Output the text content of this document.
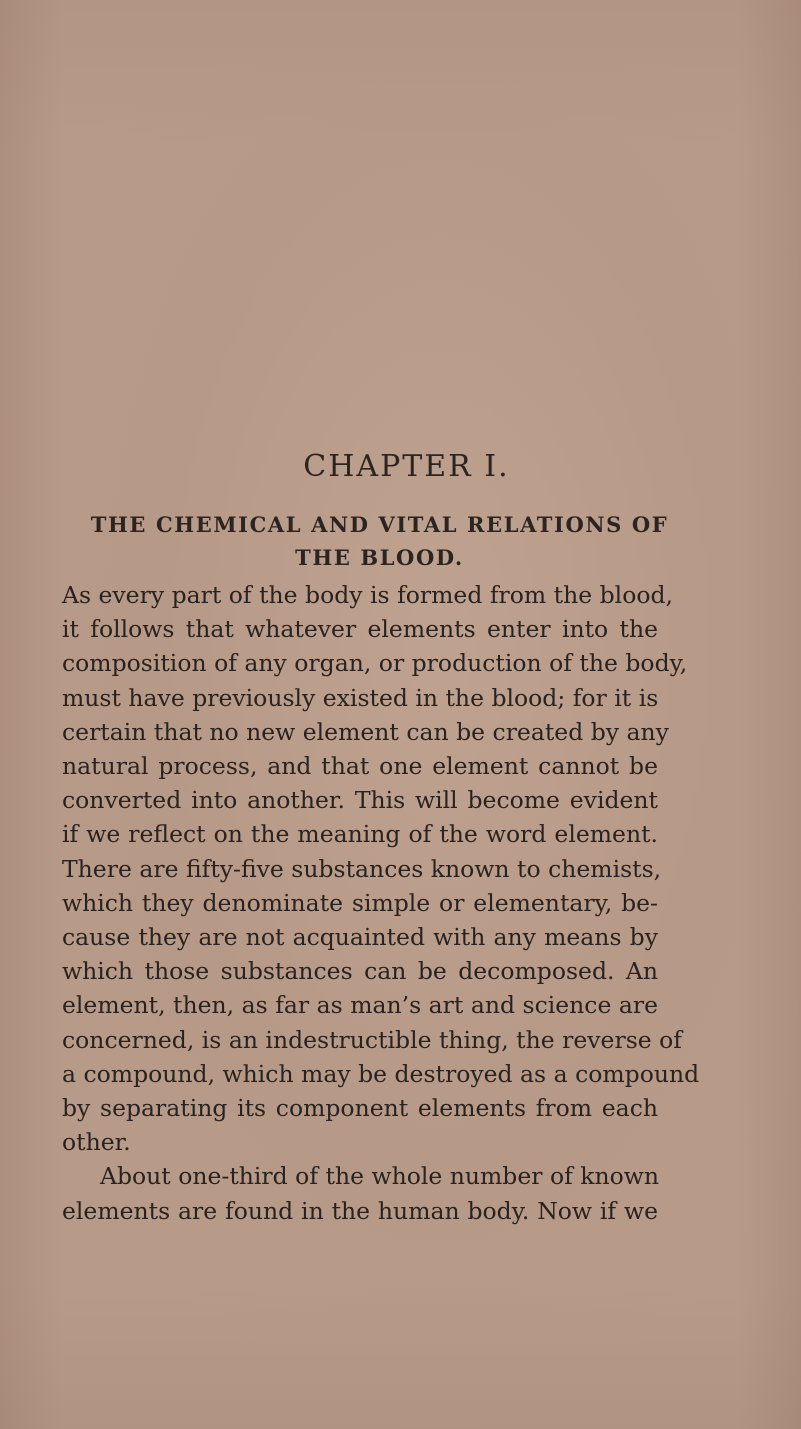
CHAPTER I.
THE CHEMICAL AND VITAL RELATIONS OF THE BLOOD.
As every part of the body is formed from the blood,
it follows that whatever elements enter into the
composition of any organ, or production of the body,
must have previously existed in the blood; for it is
certain that no new element can be created by any
natural process, and that one element cannot be
converted into another. This will become evident
if we reflect on the meaning of the word element.
There are fifty-five substances known to chemists,
which they denominate simple or elementary, be-
cause they are not acquainted with any means by
which those substances can be decomposed. An
element, then, as far as man’s art and science are
concerned, is an indestructible thing, the reverse of
a compound, which may be destroyed as a compound
by separating its component elements from each
other.
About one-third of the whole number of known
elements are found in the human body. Now if we
